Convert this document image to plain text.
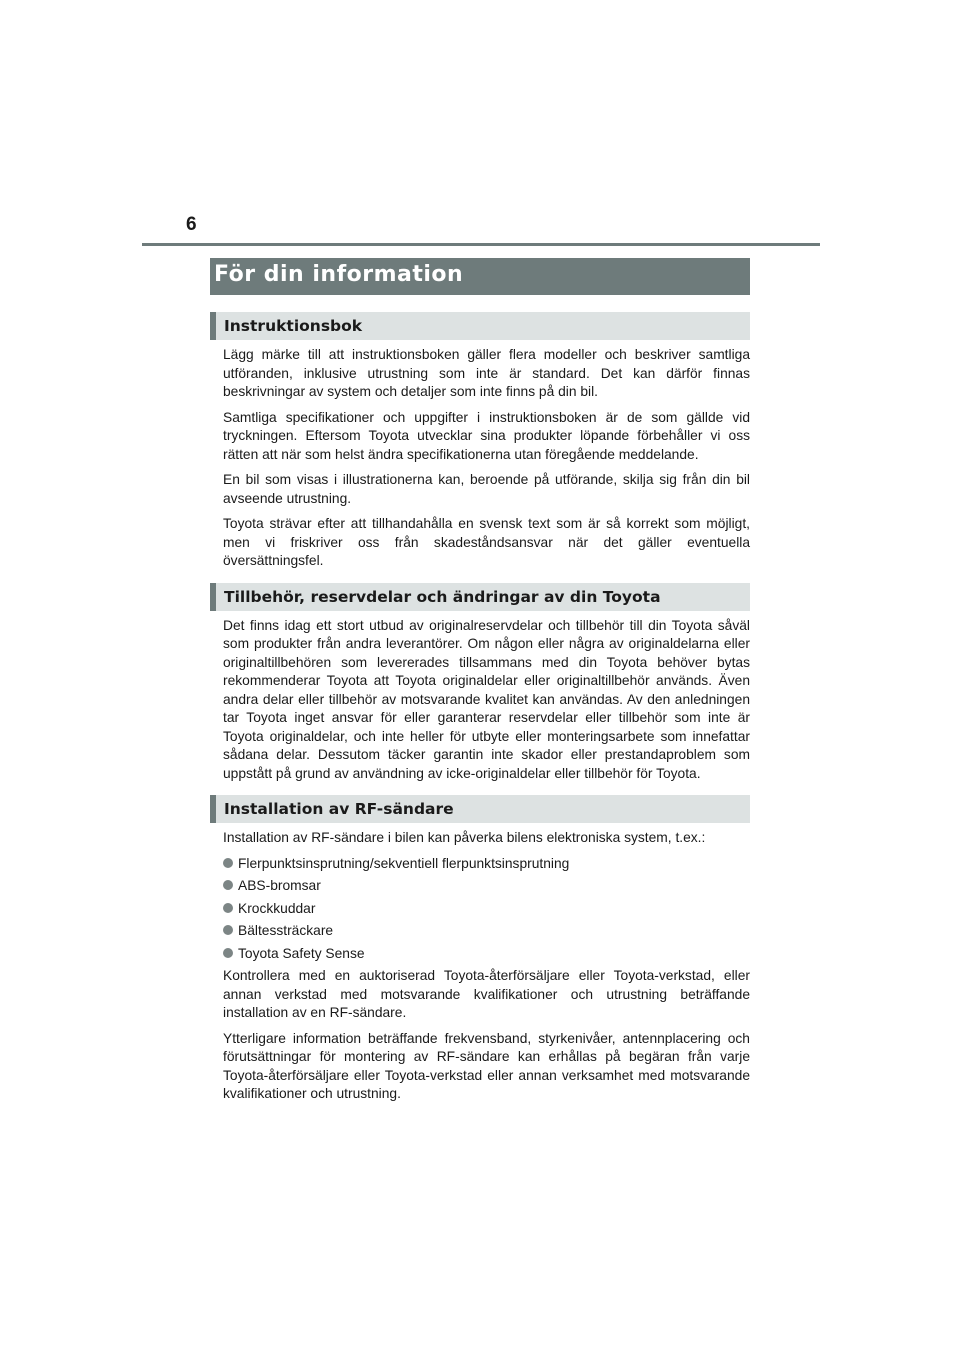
6
För din information
Instruktionsbok

Lägg märke till att instruktionsboken gäller flera modeller och beskriver samtliga utföranden, inklusive utrustning som inte är standard. Det kan därför finnas beskrivningar av system och detaljer som inte finns på din bil.

Samtliga specifikationer och uppgifter i instruktionsboken är de som gällde vid tryckningen. Eftersom Toyota utvecklar sina produkter löpande förbehåller vi oss rätten att när som helst ändra specifikationerna utan föregående meddelande.

En bil som visas i illustrationerna kan, beroende på utförande, skilja sig från din bil avseende utrustning.

Toyota strävar efter att tillhandahålla en svensk text som är så korrekt som möjligt, men vi friskriver oss från skadeståndsansvar när det gäller eventuella översättningsfel.

Tillbehör, reservdelar och ändringar av din Toyota

Det finns idag ett stort utbud av originalreservdelar och tillbehör till din Toyota såväl som produkter från andra leverantörer. Om någon eller några av originaldelarna eller originaltillbehören som levererades tillsammans med din Toyota behöver bytas rekommenderar Toyota att Toyota originaldelar eller originaltillbehör används. Även andra delar eller tillbehör av motsvarande kvalitet kan användas. Av den anledningen tar Toyota inget ansvar för eller garanterar reservdelar eller tillbehör som inte är Toyota originaldelar, och inte heller för utbyte eller monteringsarbete som innefattar sådana delar. Dessutom täcker garantin inte skador eller prestandaproblem som uppstått på grund av användning av icke-originaldelar eller tillbehör för Toyota.

Installation av RF-sändare

Installation av RF-sändare i bilen kan påverka bilens elektroniska system, t.ex.:

Flerpunktsinsprutning/sekventiell flerpunktsinsprutning
ABS-bromsar
Krockkuddar
Bältessträckare
Toyota Safety Sense

Kontrollera med en auktoriserad Toyota-återförsäljare eller Toyota-verkstad, eller annan verkstad med motsvarande kvalifikationer och utrustning beträffande installation av en RF-sändare.

Ytterligare information beträffande frekvensband, styrkenivåer, antennplacering och förutsättningar för montering av RF-sändare kan erhållas på begäran från varje Toyota-återförsäljare eller Toyota-verkstad eller annan verksamhet med motsvarande kvalifikationer och utrustning.
